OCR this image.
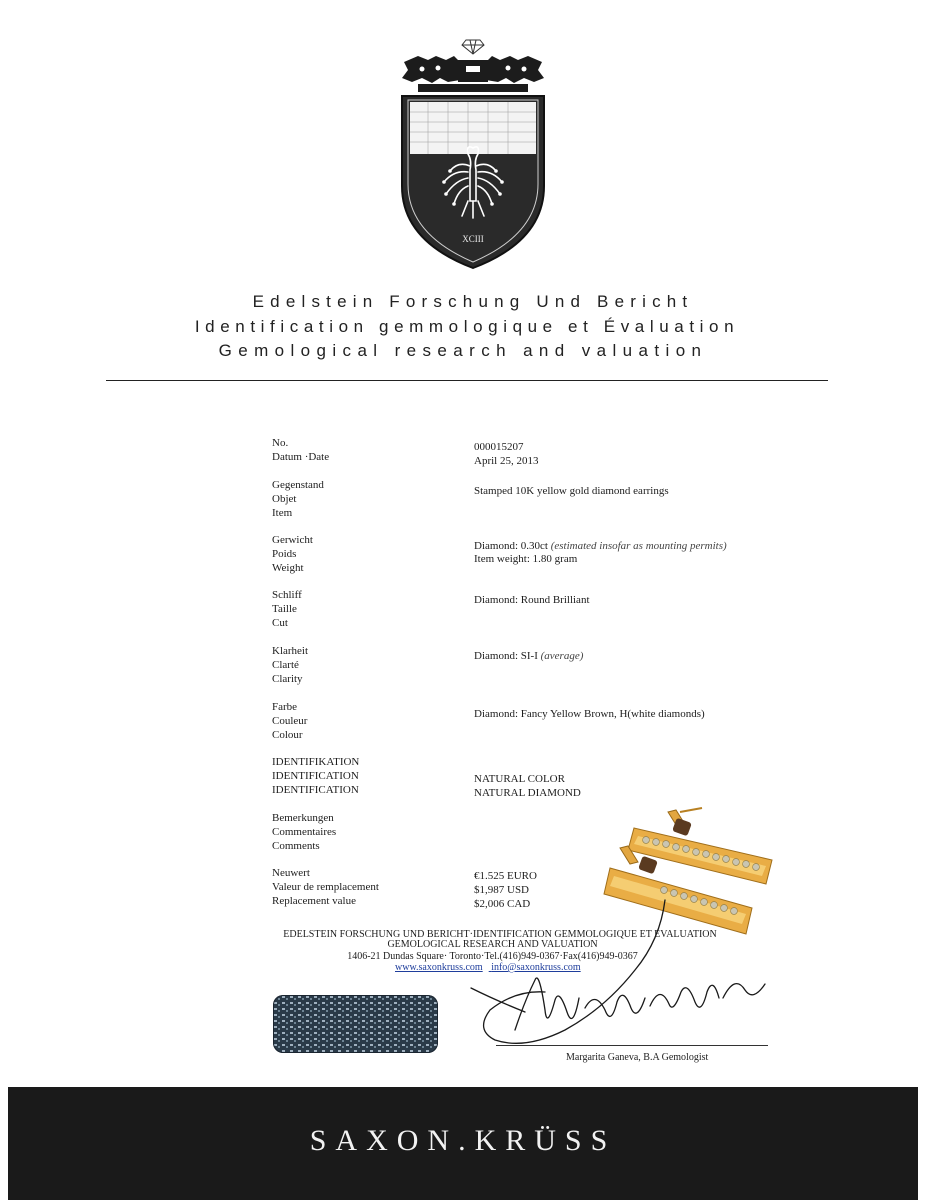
XCIII
Edelstein Forschung Und Bericht
Identification gemmologique et Évaluation
Gemological research and valuation
No.
Datum ·Date
000015207
April 25, 2013
Gegenstand
Objet
Item
Stamped 10K yellow gold diamond earrings
Gerwicht
Poids
Weight
Diamond: 0.30ct (estimated insofar as mounting permits)
Item weight: 1.80 gram
Schliff
Taille
Cut
Diamond: Round Brilliant
Klarheit
Clarté
Clarity
Diamond: SI-I (average)
Farbe
Couleur
Colour
Diamond: Fancy Yellow Brown, H(white diamonds)
IDENTIFIKATION
IDENTIFICATION
IDENTIFICATION
NATURAL COLOR
NATURAL DIAMOND
Bemerkungen
Commentaires
Comments
Neuwert
Valeur de remplacement
Replacement value
€1.525 EURO
$1,987 USD
$2,006 CAD
EDELSTEIN FORSCHUNG UND BERICHT·IDENTIFICATION GEMMOLOGIQUE ET EVALUATION
GEMOLOGICAL RESEARCH AND VALUATION
1406-21 Dundas Square· Toronto·Tel.(416)949-0367·Fax(416)949-0367
www.saxonkruss.com info@saxonkruss.com
Margarita Ganeva, B.A Gemologist
SAXON.KRÜSS
